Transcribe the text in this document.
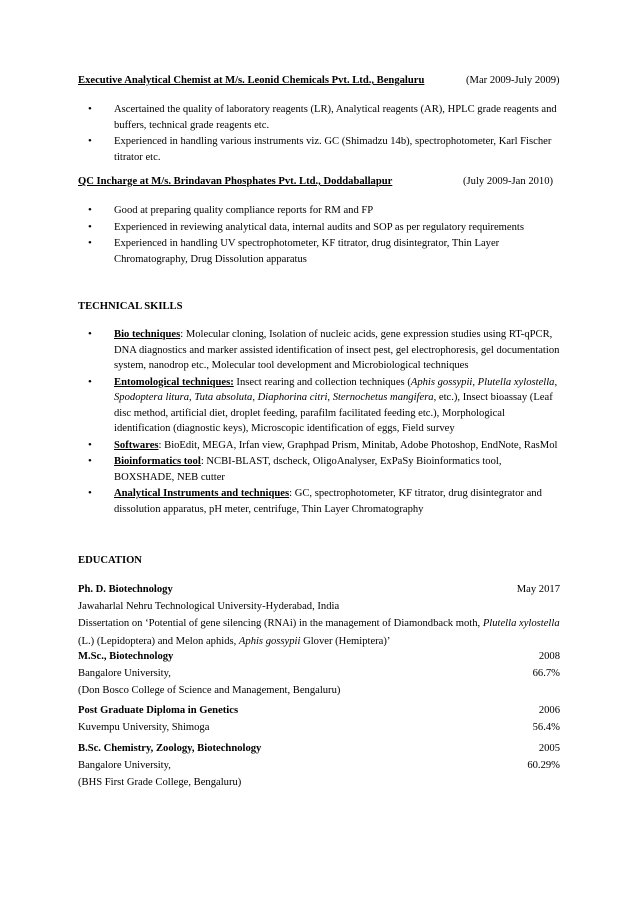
Executive Analytical Chemist at M/s. Leonid Chemicals Pvt. Ltd., Bengaluru	(Mar 2009-July 2009)
• Ascertained the quality of laboratory reagents (LR), Analytical reagents (AR), HPLC grade reagents and buffers, technical grade reagents etc.
• Experienced in handling various instruments viz. GC (Shimadzu 14b), spectrophotometer, Karl Fischer titrator etc.
QC Incharge at M/s. Brindavan Phosphates Pvt. Ltd., Doddaballapur	(July 2009-Jan 2010)
• Good at preparing quality compliance reports for RM and FP
• Experienced in reviewing analytical data, internal audits and SOP as per regulatory requirements
• Experienced in handling UV spectrophotometer, KF titrator, drug disintegrator, Thin Layer Chromatography, Drug Dissolution apparatus
TECHNICAL SKILLS
• Bio techniques: Molecular cloning, Isolation of nucleic acids, gene expression studies using RT-qPCR, DNA diagnostics and marker assisted identification of insect pest, gel electrophoresis, gel documentation system, nanodrop etc., Molecular tool development and Microbiological techniques
• Entomological techniques: Insect rearing and collection techniques (Aphis gossypii, Plutella xylostella, Spodoptera litura, Tuta absoluta, Diaphorina citri, Sternochetus mangifera, etc.), Insect bioassay (Leaf disc method, artificial diet, droplet feeding, parafilm facilitated feeding etc.), Morphological identification (diagnostic keys), Microscopic identification of eggs, Field survey
• Softwares: BioEdit, MEGA, Irfan view, Graphpad Prism, Minitab, Adobe Photoshop, EndNote, RasMol
• Bioinformatics tool: NCBI-BLAST, dscheck, OligoAnalyser, ExPaSy Bioinformatics tool, BOXSHADE, NEB cutter
• Analytical Instruments and techniques: GC, spectrophotometer, KF titrator, drug disintegrator and dissolution apparatus, pH meter, centrifuge, Thin Layer Chromatography
EDUCATION
Ph. D. Biotechnology	May 2017
Jawaharlal Nehru Technological University-Hyderabad, India
Dissertation on ‘Potential of gene silencing (RNAi) in the management of Diamondback moth, Plutella xylostella (L.) (Lepidoptera) and Melon aphids, Aphis gossypii Glover (Hemiptera)’
M.Sc., Biotechnology	2008
Bangalore University,	66.7%
(Don Bosco College of Science and Management, Bengaluru)
Post Graduate Diploma in Genetics	2006
Kuvempu University, Shimoga	56.4%
B.Sc. Chemistry, Zoology, Biotechnology	2005
Bangalore University,	60.29%
(BHS First Grade College, Bengaluru)
